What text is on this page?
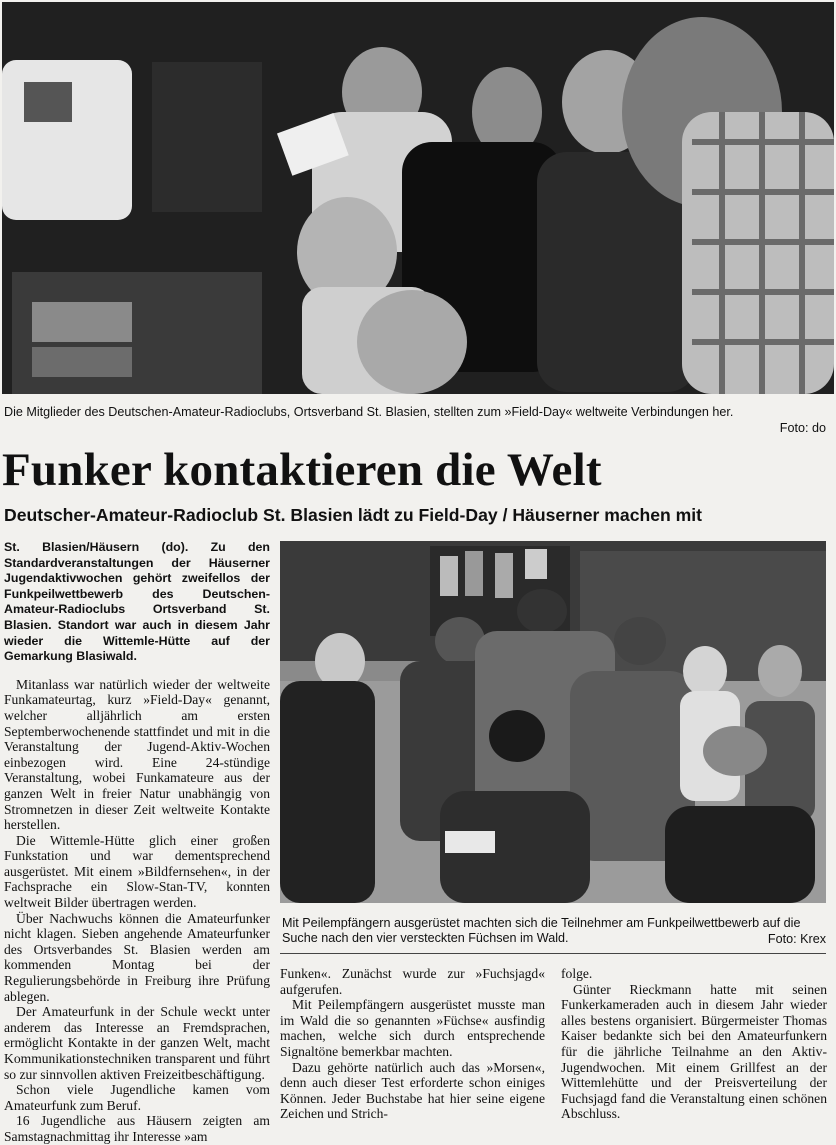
Die Mitglieder des Deutschen-Amateur-Radioclubs, Ortsverband St. Blasien, stellten zum »Field-Day« weltweite Verbindungen her.
Foto: do
Funker kontaktieren die Welt
Deutscher-Amateur-Radioclub St. Blasien lädt zu Field-Day / Häuserner machen mit

St. Blasien/Häusern (do). Zu den Standardveranstaltungen der Häuserner Jugendaktivwochen gehört zweifellos der Funkpeilwettbewerb des Deutschen-Amateur-Radioclubs Ortsverband St. Blasien. Standort war auch in diesem Jahr wieder die Wittemle-Hütte auf der Gemarkung Blasiwald.

Mitanlass war natürlich wieder der weltweite Funkamateurtag, kurz »Field-Day« genannt, welcher alljährlich am ersten Septemberwochenende stattfindet und mit in die Veranstaltung der Jugend-Aktiv-Wochen einbezogen wird. Eine 24-stündige Veranstaltung, wobei Funkamateure aus der ganzen Welt in freier Natur unabhängig von Stromnetzen in dieser Zeit weltweite Kontakte herstellen.

Die Wittemle-Hütte glich einer großen Funkstation und war dementsprechend ausgerüstet. Mit einem »Bildfernsehen«, in der Fachsprache ein Slow-Stan-TV, konnten weltweit Bilder übertragen werden.

Über Nachwuchs können die Amateurfunker nicht klagen. Sieben angehende Amateurfunker des Ortsverbandes St. Blasien werden am kommenden Montag bei der Regulierungsbehörde in Freiburg ihre Prüfung ablegen.

Der Amateurfunk in der Schule weckt unter anderem das Interesse an Fremdsprachen, ermöglicht Kontakte in der ganzen Welt, macht Kommunikationstechniken transparent und führt so zur sinnvollen aktiven Freizeitbeschäftigung.

Schon viele Jugendliche kamen vom Amateurfunk zum Beruf.

16 Jugendliche aus Häusern zeigten am Samstagnachmittag ihr Interesse »am

Mit Peilempfängern ausgerüstet machten sich die Teilnehmer am Funkpeilwettbewerb auf die Suche nach den vier versteckten Füchsen im Wald.	Foto: Krex

Funken«. Zunächst wurde zur »Fuchsjagd« aufgerufen.

Mit Peilempfängern ausgerüstet musste man im Wald die so genannten »Füchse« ausfindig machen, welche sich durch entsprechende Signaltöne bemerkbar machten.

Dazu gehörte natürlich auch das »Morsen«, denn auch dieser Test erforderte schon einiges Können. Jeder Buchstabe hat hier seine eigene Zeichen und Strich-

folge.

Günter Rieckmann hatte mit seinen Funkerkameraden auch in diesem Jahr wieder alles bestens organisiert. Bürgermeister Thomas Kaiser bedankte sich bei den Amateurfunkern für die jährliche Teilnahme an den Aktiv-Jugendwochen. Mit einem Grillfest an der Wittemlehütte und der Preisverteilung der Fuchsjagd fand die Veranstaltung einen schönen Abschluss.
